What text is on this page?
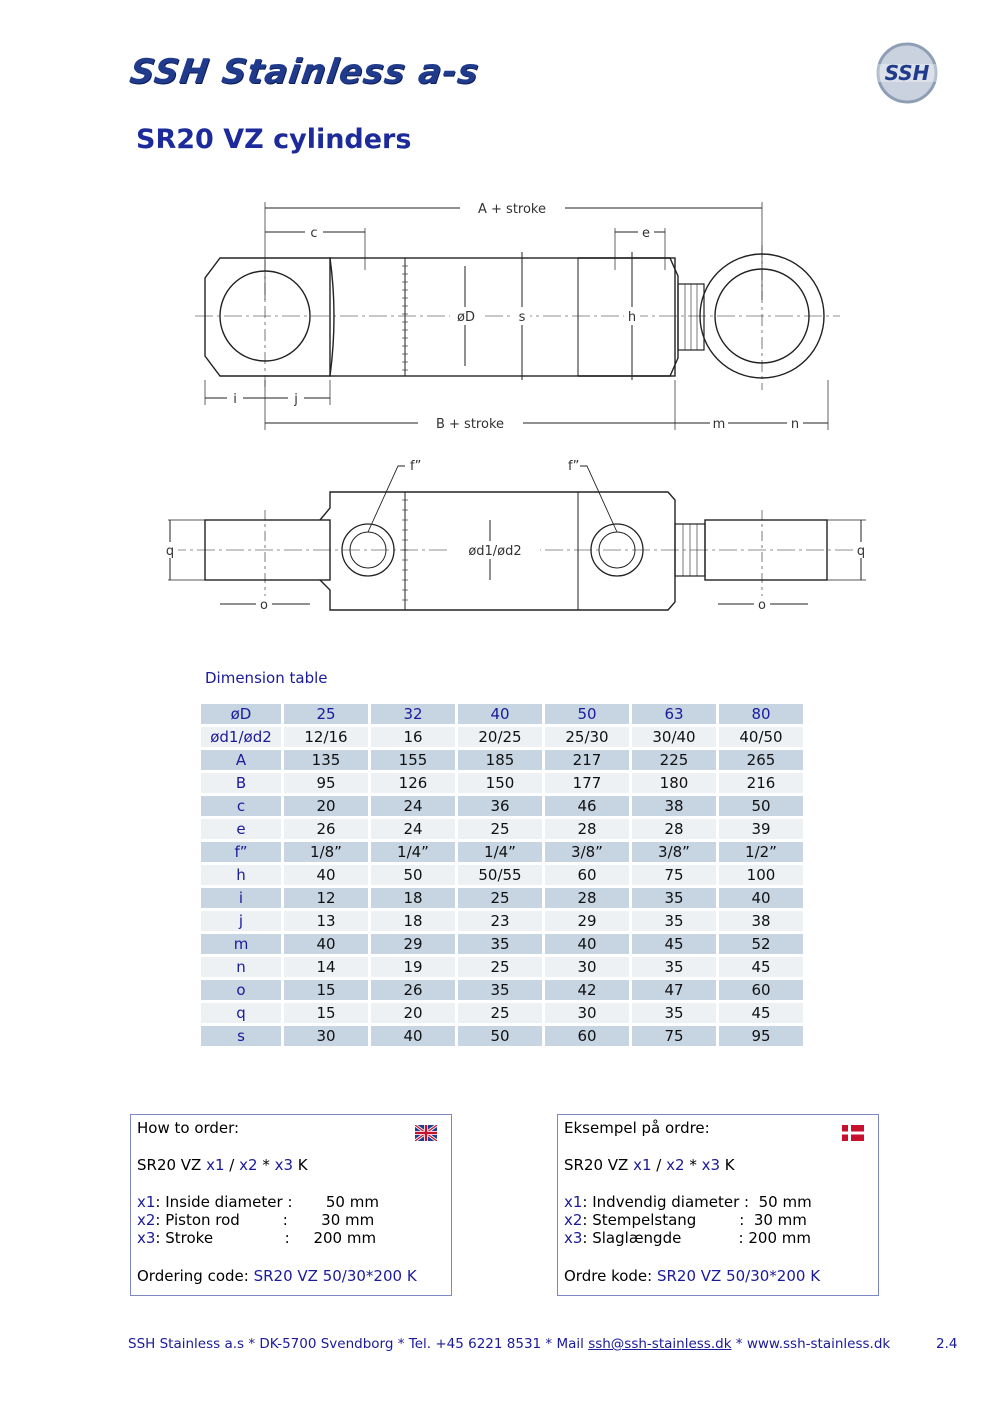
SSH Stainless a-s	SSH
SR20 VZ cylinders
A + stroke
c	e
øD	s	h
i	j
B + stroke	m	n
f”	f”
ød1/ød2
q	q
o	o
Dimension table
øD	25	32	40	50	63	80
ød1/ød2	12/16	16	20/25	25/30	30/40	40/50
A	135	155	185	217	225	265
B	95	126	150	177	180	216
c	20	24	36	46	38	50
e	26	24	25	28	28	39
f”	1/8”	1/4”	1/4”	3/8”	3/8”	1/2”
h	40	50	50/55	60	75	100
i	12	18	25	28	35	40
j	13	18	23	29	35	38
m	40	29	35	40	45	52
n	14	19	25	30	35	45
o	15	26	35	42	47	60
q	15	20	25	30	35	45
s	30	40	50	60	75	95
How to order:
SR20 VZ x1 / x2 * x3 K
x1: Inside diameter :       50 mm
x2: Piston rod         :       30 mm
x3: Stroke               :     200 mm
Ordering code: SR20 VZ 50/30*200 K
Eksempel på ordre:
SR20 VZ x1 / x2 * x3 K
x1: Indvendig diameter :  50 mm
x2: Stempelstang         :  30 mm
x3: Slaglængde            : 200 mm
Ordre kode: SR20 VZ 50/30*200 K
SSH Stainless a.s * DK-5700 Svendborg * Tel. +45 6221 8531 * Mail ssh@ssh-stainless.dk * www.ssh-stainless.dk	2.4
